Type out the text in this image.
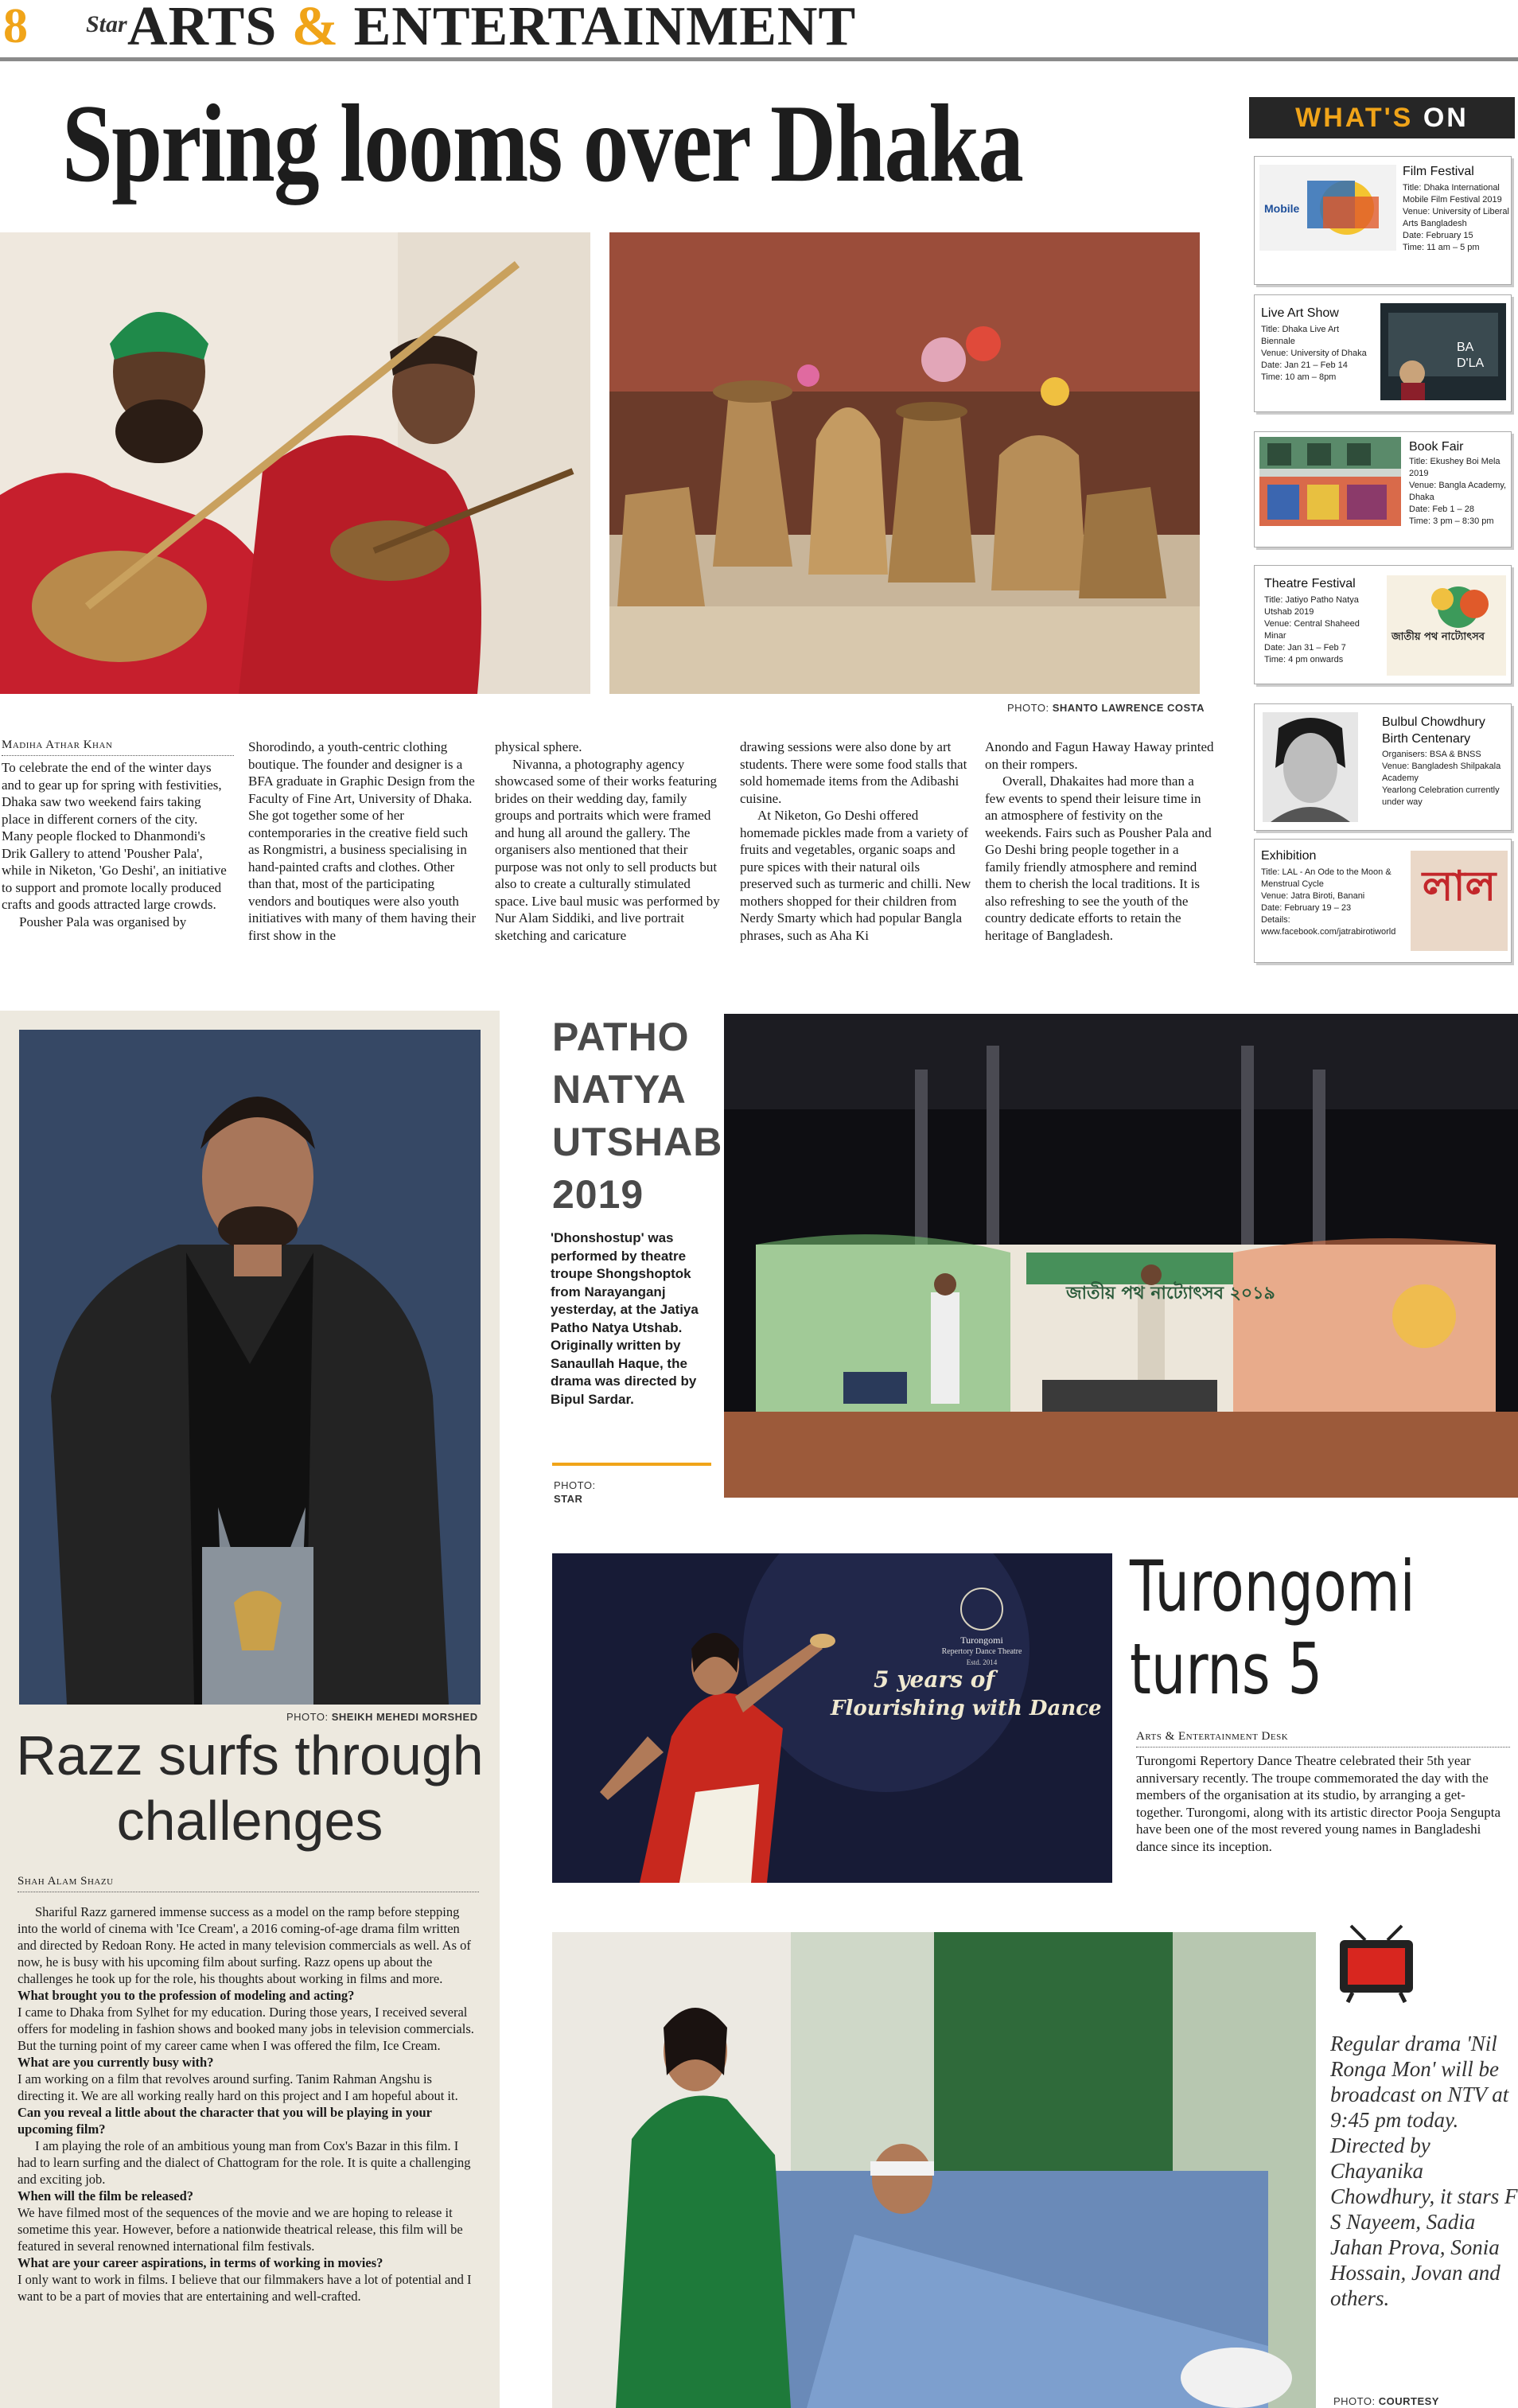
8 Star ARTS & ENTERTAINMENT
Spring looms over Dhaka
PHOTO: SHANTO LAWRENCE COSTA
Madiha Athar Khan

To celebrate the end of the winter days and to gear up for spring with festivities, Dhaka saw two weekend fairs taking place in different corners of the city. Many people flocked to Dhanmondi's Drik Gallery to attend 'Pousher Pala', while in Niketon, 'Go Deshi', an initiative to support and promote locally produced crafts and goods attracted large crowds.

Pousher Pala was organised by

Shorodindo, a youth-centric clothing boutique. The founder and designer is a BFA graduate in Graphic Design from the Faculty of Fine Art, University of Dhaka. She got together some of her contemporaries in the creative field such as Rongmistri, a business specialising in hand-painted crafts and clothes. Other than that, most of the participating vendors and boutiques were also youth initiatives with many of them having their first show in the

physical sphere.

Nivanna, a photography agency showcased some of their works featuring brides on their wedding day, family groups and portraits which were framed and hung all around the gallery. The organisers also mentioned that their purpose was not only to sell products but also to create a culturally stimulated space. Live baul music was performed by Nur Alam Siddiki, and live portrait sketching and caricature

drawing sessions were also done by art students. There were some food stalls that sold homemade items from the Adibashi cuisine.

At Niketon, Go Deshi offered homemade pickles made from a variety of fruits and vegetables, organic soaps and pure spices with their natural oils preserved such as turmeric and chilli. New mothers shopped for their children from Nerdy Smarty which had popular Bangla phrases, such as Aha Ki

Anondo and Fagun Haway Haway printed on their rompers.

Overall, Dhakaites had more than a few events to spend their leisure time in an atmosphere of festivity on the weekends. Fairs such as Pousher Pala and Go Deshi bring people together in a family friendly atmosphere and remind them to cherish the local traditions. It is also refreshing to see the youth of the country dedicate efforts to retain the heritage of Bangladesh.

WHAT'S ON
Mobile
Film Festival
Title: Dhaka International
Mobile Film Festival 2019
Venue: University of Liberal
Arts Bangladesh
Date: February 15
Time: 11 am – 5 pm
Live Art Show
Title: Dhaka Live Art
Biennale
Venue: University of Dhaka
Date: Jan 21 – Feb 14
Time: 10 am – 8pm
BA
D'LA
Book Fair
Title: Ekushey Boi Mela 2019
Venue: Bangla Academy,
Dhaka
Date: Feb 1 – 28
Time: 3 pm – 8:30 pm
Theatre Festival
Title: Jatiyo Patho Natya
Utshab 2019
Venue: Central Shaheed Minar
Date: Jan 31 – Feb 7
Time: 4 pm onwards
জাতীয় পথ নাট্যোৎসব
Bulbul Chowdhury Birth Centenary
Organisers: BSA & BNSS
Venue: Bangladesh Shilpakala
Academy
Yearlong Celebration currently
under way
Exhibition
Title: LAL - An Ode to the Moon &
Menstrual Cycle
Venue: Jatra Biroti, Banani
Date: February 19 – 23
Details:
www.facebook.com/jatrabirotiworld
লাল
PHOTO: SHEIKH MEHEDI MORSHED
Razz surfs through
challenges
Shah Alam Shazu

Shariful Razz garnered immense success as a model on the ramp before stepping into the world of cinema with 'Ice Cream', a 2016 coming-of-age drama film written and directed by Redoan Rony. He acted in many television commercials as well. As of now, he is busy with his upcoming film about surfing. Razz opens up about the challenges he took up for the role, his thoughts about working in films and more.

What brought you to the profession of modeling and acting?

I came to Dhaka from Sylhet for my education. During those years, I received several offers for modeling in fashion shows and booked many jobs in television commercials. But the turning point of my career came when I was offered the film, Ice Cream.

What are you currently busy with?

I am working on a film that revolves around surfing. Tanim Rahman Angshu is directing it. We are all working really hard on this project and I am hopeful about it.

Can you reveal a little about the character that you will be playing in your upcoming film?

I am playing the role of an ambitious young man from Cox's Bazar in this film. I had to learn surfing and the dialect of Chattogram for the role. It is quite a challenging and exciting job.

When will the film be released?

We have filmed most of the sequences of the movie and we are hoping to release it sometime this year. However, before a nationwide theatrical release, this film will be featured in several renowned international film festivals.

What are your career aspirations, in terms of working in movies?

I only want to work in films. I believe that our filmmakers have a lot of potential and I want to be a part of movies that are entertaining and well-crafted.

PATHO
NATYA
UTSHAB
2019
'Dhonshostup' was performed by theatre troupe Shongshoptok from Narayanganj yesterday, at the Jatiya Patho Natya Utshab. Originally written by Sanaullah Haque, the drama was directed by Bipul Sardar.
PHOTO:
STAR
জাতীয় পথ নাট্যোৎসব ২০১৯
Turongomi
Repertory Dance Theatre
Estd. 2014
5 years of
Flourishing with Dance
Turongomi
turns 5
Arts & Entertainment Desk

Turongomi Repertory Dance Theatre celebrated their 5th year anniversary recently. The troupe commemorated the day with the members of the organisation at its studio, by arranging a get-together. Turongomi, along with its artistic director Pooja Sengupta have been one of the most revered young names in Bangladeshi dance since its inception.

PHOTO: COURTESY
Regular drama 'Nil Ronga Mon' will be broadcast on NTV at 9:45 pm today. Directed by Chayanika Chowdhury, it stars F S Nayeem, Sadia Jahan Prova, Sonia Hossain, Jovan and others.
